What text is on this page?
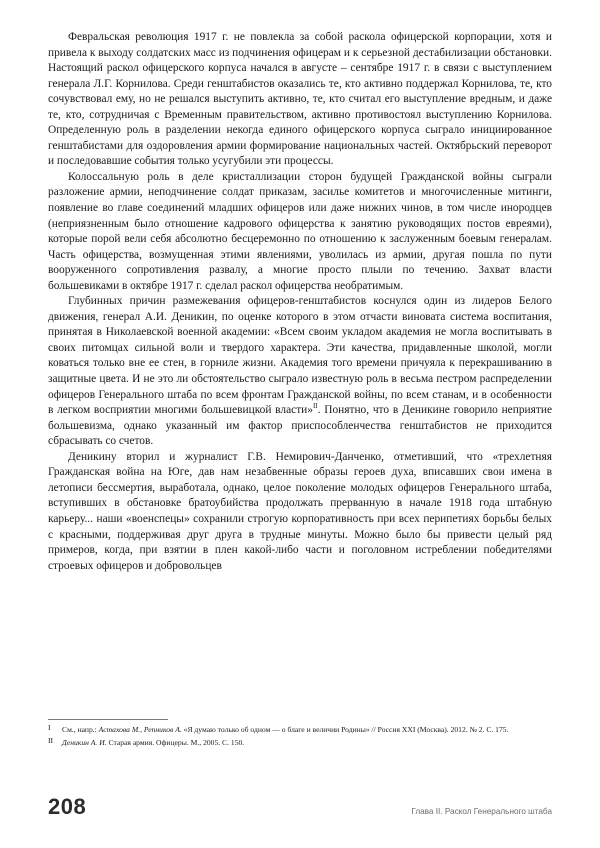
Февральская революция 1917 г. не повлекла за собой раскола офицерской корпорации, хотя и привела к выходу солдатских масс из подчинения офицерам и к серьезной дестабилизации обстановки. Настоящий раскол офицерского корпуса начался в августе – сентябре 1917 г. в связи с выступлением генерала Л.Г. Корнилова. Среди генштабистов оказались те, кто активно поддержал Корнилова, те, кто сочувствовал ему, но не решался выступить активно, те, кто считал его выступление вредным, и даже те, кто, сотрудничая с Временным правительством, активно противостоял выступлению Корнилова. Определенную роль в разделении некогда единого офицерского корпуса сыграло инициированное генштабистами для оздоровления армии формирование национальных частей. Октябрьский переворот и последовавшие события только усугубили эти процессы.

Колоссальную роль в деле кристаллизации сторон будущей Гражданской войны сыграли разложение армии, неподчинение солдат приказам, засилье комитетов и многочисленные митинги, появление во главе соединений младших офицеров или даже нижних чинов, в том числе инородцев (неприязненным было отношение кадрового офицерства к занятию руководящих постов евреями), которые порой вели себя абсолютно бесцеремонно по отношению к заслуженным боевым генералам. Часть офицерства, возмущенная этими явлениями, уволилась из армии, другая пошла по пути вооруженного сопротивления развалу, а многие просто плыли по течению. Захват власти большевиками в октябре 1917 г. сделал раскол офицерства необратимым.

Глубинных причин размежевания офицеров-генштабистов коснулся один из лидеров Белого движения, генерал А.И. Деникин, по оценке которого в этом отчасти виновата система воспитания, принятая в Николаевской военной академии: «Всем своим укладом академия не могла воспитывать в своих питомцах сильной воли и твердого характера. Эти качества, придавленные школой, могли коваться только вне ее стен, в горниле жизни. Академия того времени причуяла к перекрашиванию в защитные цвета. И не это ли обстоятельство сыграло известную роль в весьма пестром распределении офицеров Генерального штаба по всем фронтам Гражданской войны, по всем станам, и в особенности в легком восприятии многими большевицкой власти»$^{II}$. Понятно, что в Деникине говорило неприятие большевизма, однако указанный им фактор приспособленчества генштабистов не приходится сбрасывать со счетов.

Деникину вторил и журналист Г.В. Немирович-Данченко, отметивший, что «трехлетняя Гражданская война на Юге, дав нам незабвенные образы героев духа, вписавших свои имена в летописи бессмертия, выработала, однако, целое поколение молодых офицеров Генерального штаба, вступивших в обстановке братоубийства продолжать прерванную в начале 1918 года штабную карьеру... наши «военспецы» сохранили строгую корпоративность при всех перипетиях борьбы белых с красными, поддерживая друг друга в трудные минуты. Можно было бы привести целый ряд примеров, когда, при взятии в плен какой-либо части и поголовном истреблении победителями строевых офицеров и добровольцев

I	См., напр.: Астахова М., Репников А. «Я думаю только об одном — о благе и величии Родины» // Россия XXI (Москва). 2012. № 2. С. 175.
II	Деникин А. И. Старая армия. Офицеры. М., 2005. С. 150.
208	Глава II. Раскол Генерального штаба
